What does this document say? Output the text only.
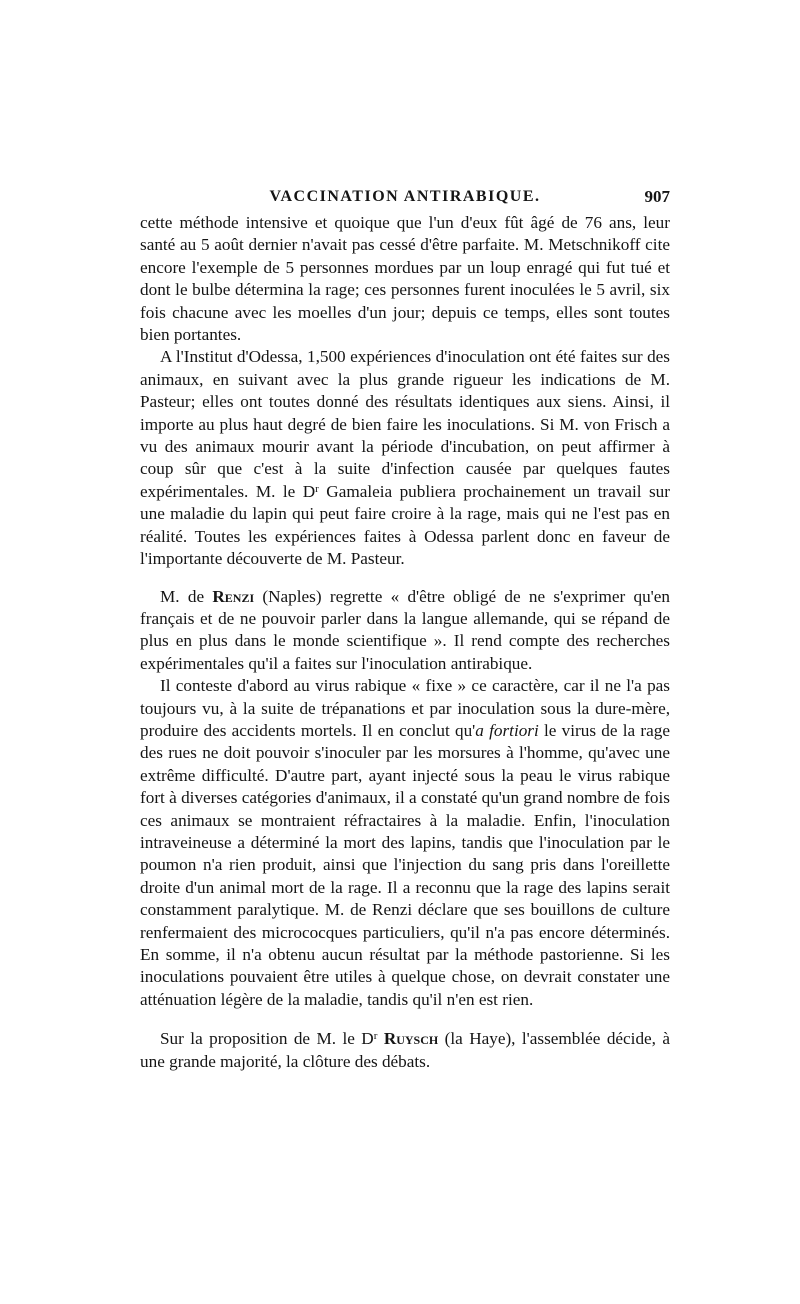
VACCINATION ANTIRABIQUE.	907

cette méthode intensive et quoique que l'un d'eux fût âgé de 76 ans, leur santé au 5 août dernier n'avait pas cessé d'être parfaite. M. Metschnikoff cite encore l'exemple de 5 personnes mordues par un loup enragé qui fut tué et dont le bulbe détermina la rage; ces personnes furent inoculées le 5 avril, six fois chacune avec les moelles d'un jour; depuis ce temps, elles sont toutes bien portantes.

A l'Institut d'Odessa, 1,500 expériences d'inoculation ont été faites sur des animaux, en suivant avec la plus grande rigueur les indications de M. Pasteur; elles ont toutes donné des résultats identiques aux siens. Ainsi, il importe au plus haut degré de bien faire les inoculations. Si M. von Frisch a vu des animaux mourir avant la période d'incubation, on peut affirmer à coup sûr que c'est à la suite d'infection causée par quelques fautes expérimentales. M. le $D^r$ Gamaleia publiera prochainement un travail sur une maladie du lapin qui peut faire croire à la rage, mais qui ne l'est pas en réalité. Toutes les expériences faites à Odessa parlent donc en faveur de l'importante découverte de M. Pasteur.

M. de Renzi (Naples) regrette « d'être obligé de ne s'exprimer qu'en français et de ne pouvoir parler dans la langue allemande, qui se répand de plus en plus dans le monde scientifique ». Il rend compte des recherches expérimentales qu'il a faites sur l'inoculation antirabique.

Il conteste d'abord au virus rabique « fixe » ce caractère, car il ne l'a pas toujours vu, à la suite de trépanations et par inoculation sous la dure-mère, produire des accidents mortels. Il en conclut qu'a fortiori le virus de la rage des rues ne doit pouvoir s'inoculer par les morsures à l'homme, qu'avec une extrême difficulté. D'autre part, ayant injecté sous la peau le virus rabique fort à diverses catégories d'animaux, il a constaté qu'un grand nombre de fois ces animaux se montraient réfractaires à la maladie. Enfin, l'inoculation intraveineuse a déterminé la mort des lapins, tandis que l'inoculation par le poumon n'a rien produit, ainsi que l'injection du sang pris dans l'oreillette droite d'un animal mort de la rage. Il a reconnu que la rage des lapins serait constamment paralytique. M. de Renzi déclare que ses bouillons de culture renfermaient des micrococques particuliers, qu'il n'a pas encore déterminés. En somme, il n'a obtenu aucun résultat par la méthode pastorienne. Si les inoculations pouvaient être utiles à quelque chose, on devrait constater une atténuation légère de la maladie, tandis qu'il n'en est rien.

Sur la proposition de M. le $D^r$ Ruysch (la Haye), l'assemblée décide, à une grande majorité, la clôture des débats.
